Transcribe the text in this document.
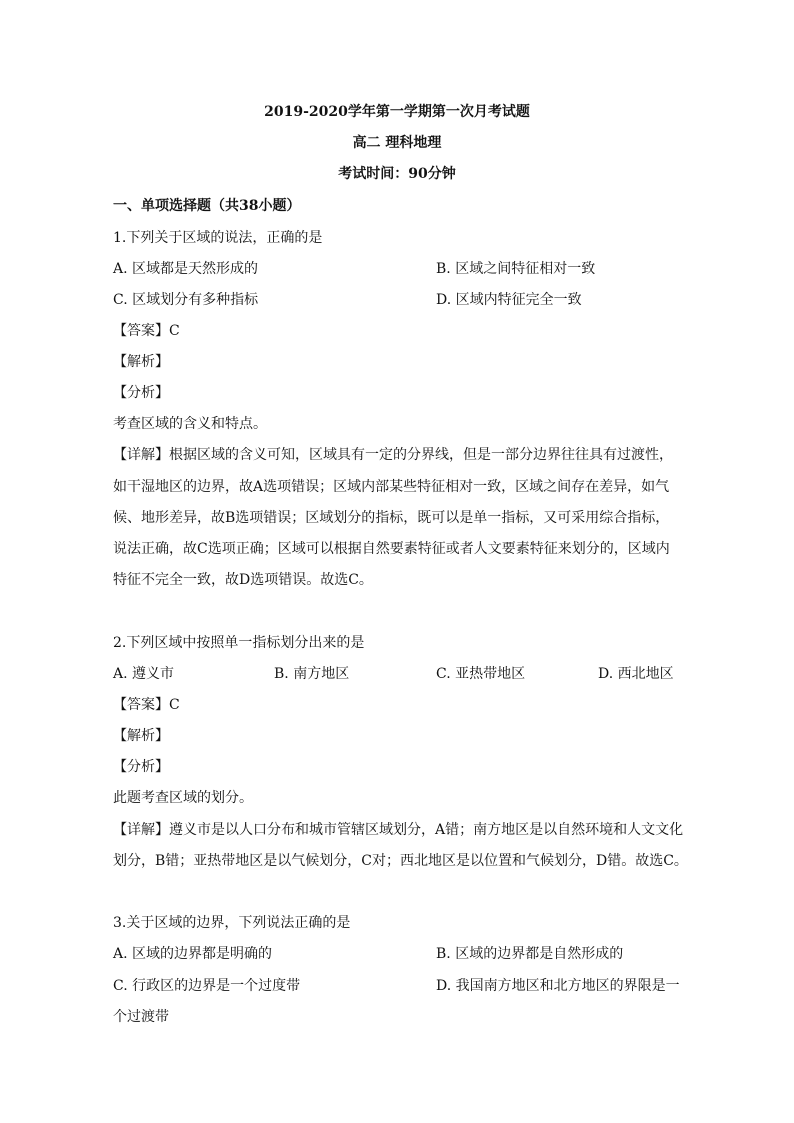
2019-2020学年第一学期第一次月考试题
高二 理科地理
考试时间：90分钟
一、单项选择题（共38小题）
1.下列关于区域的说法，正确的是
A. 区域都是天然形成的	B. 区域之间特征相对一致
C. 区域划分有多种指标	D. 区域内特征完全一致
【答案】C
【解析】
【分析】
考查区域的含义和特点。
【详解】根据区域的含义可知，区域具有一定的分界线，但是一部分边界往往具有过渡性，
如干湿地区的边界，故A选项错误；区域内部某些特征相对一致，区域之间存在差异，如气
候、地形差异，故B选项错误；区域划分的指标，既可以是单一指标，又可采用综合指标，
说法正确，故C选项正确；区域可以根据自然要素特征或者人文要素特征来划分的，区域内
特征不完全一致，故D选项错误。故选C。
2.下列区域中按照单一指标划分出来的是
A. 遵义市	B. 南方地区	C. 亚热带地区	D. 西北地区
【答案】C
【解析】
【分析】
此题考查区域的划分。
【详解】遵义市是以人口分布和城市管辖区域划分，A错；南方地区是以自然环境和人文文化
划分，B错；亚热带地区是以气候划分，C对；西北地区是以位置和气候划分，D错。故选C。
3.关于区域的边界，下列说法正确的是
A. 区域的边界都是明确的	B. 区域的边界都是自然形成的
C. 行政区的边界是一个过度带	D. 我国南方地区和北方地区的界限是一
个过渡带
